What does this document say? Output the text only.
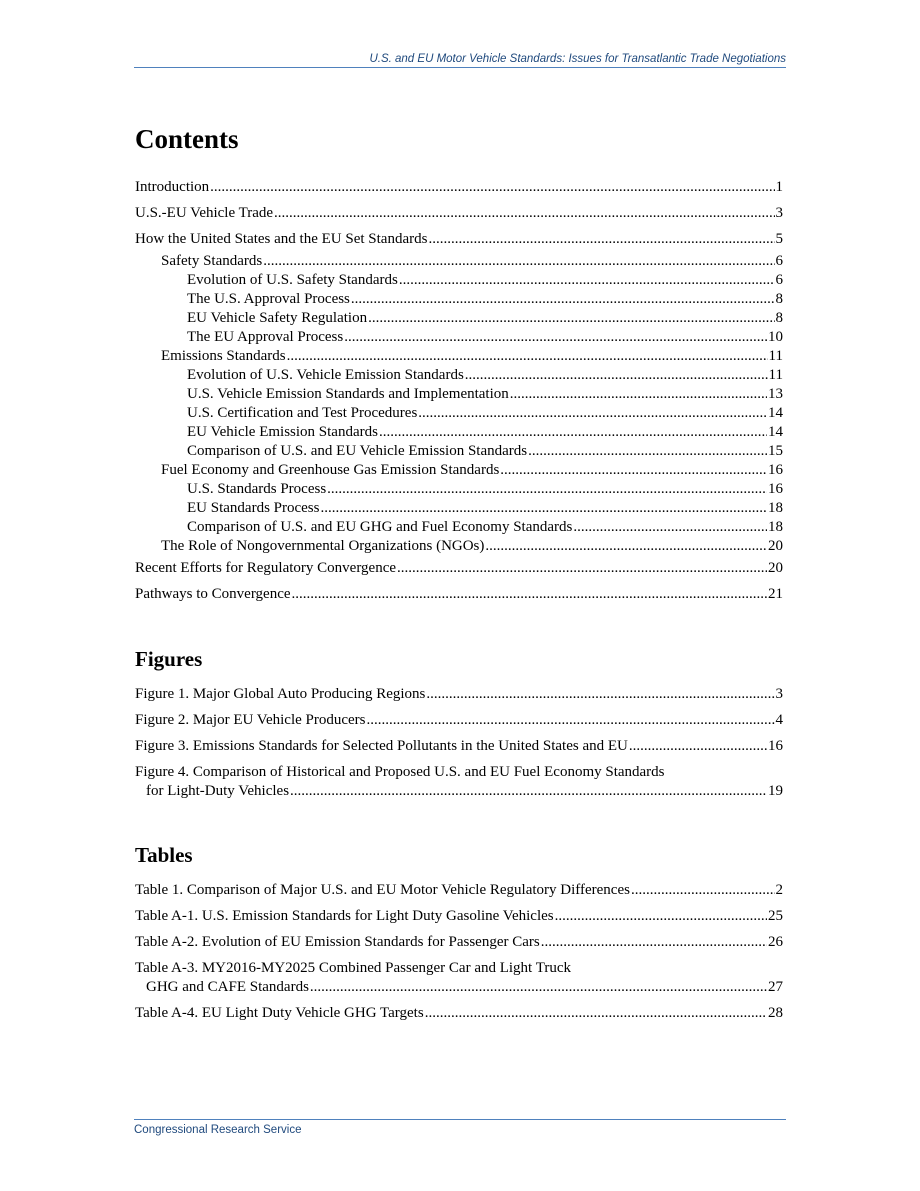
U.S. and EU Motor Vehicle Standards: Issues for Transatlantic Trade Negotiations
Contents
Introduction .....	1
U.S.-EU Vehicle Trade .....	3
How the United States and the EU Set Standards .....	5
Safety Standards .....	6
Evolution of U.S. Safety Standards .....	6
The U.S. Approval Process .....	8
EU Vehicle Safety Regulation .....	8
The EU Approval Process .....	10
Emissions Standards .....	11
Evolution of U.S. Vehicle Emission Standards .....	11
U.S. Vehicle Emission Standards and Implementation .....	13
U.S. Certification and Test Procedures .....	14
EU Vehicle Emission Standards .....	14
Comparison of U.S. and EU Vehicle Emission Standards .....	15
Fuel Economy and Greenhouse Gas Emission Standards .....	16
U.S. Standards Process .....	16
EU Standards Process .....	18
Comparison of U.S. and EU GHG and Fuel Economy Standards .....	18
The Role of Nongovernmental Organizations (NGOs) .....	20
Recent Efforts for Regulatory Convergence .....	20
Pathways to Convergence .....	21
Figures
Figure 1. Major Global Auto Producing Regions .....	3
Figure 2. Major EU Vehicle Producers .....	4
Figure 3. Emissions Standards for Selected Pollutants in the United States and EU .....	16
Figure 4. Comparison of Historical and Proposed U.S. and EU Fuel Economy Standards
for Light-Duty Vehicles .....	19
Tables
Table 1. Comparison of Major U.S. and EU Motor Vehicle Regulatory Differences .....	2
Table A-1. U.S. Emission Standards for Light Duty Gasoline Vehicles .....	25
Table A-2. Evolution of EU Emission Standards for Passenger Cars .....	26
Table A-3. MY2016-MY2025 Combined Passenger Car and Light Truck
GHG and CAFE Standards .....	27
Table A-4. EU Light Duty Vehicle GHG Targets .....	28
Congressional Research Service
